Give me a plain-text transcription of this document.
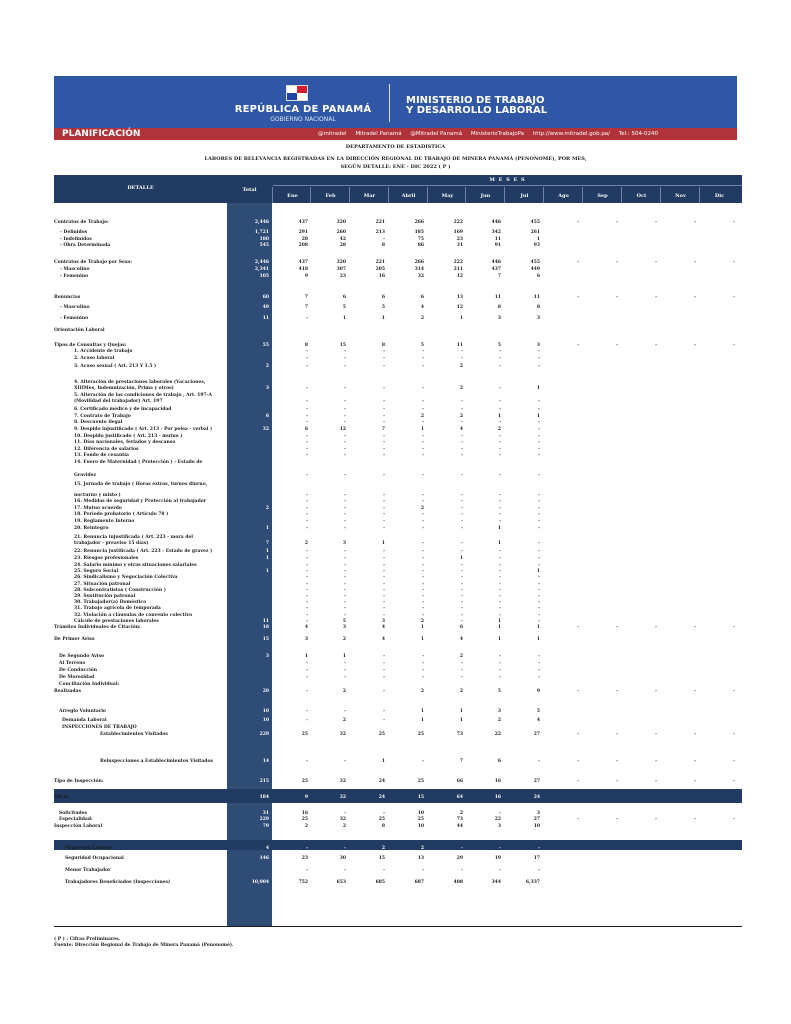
REPÚBLICA DE PANAMÁ
GOBIERNO NACIONAL
MINISTERIO DE TRABAJO
Y DESARROLLO LABORAL
PLANIFICACIÓN	@mitradel Mitradel Panamá @Mitradel Panamá MinisterioTrabajoPa http://www.mitradel.gob.pa/ Tel.: 504-0240
DEPARTAMENTO DE ESTADÍSTICA
LABORES DE RELEVANCIA REGISTRADAS EN LA DIRECCIÓN REGIONAL DE TRABAJO DE MINERA PANAMÁ (PENONOMÉ), POR MES,
SEGÚN DETALLE: ENE - DIC 2022 ( P )
DETALLE	Total
M E S E S
Ene	Feb	Mar	Abril	May	Jun	Jul	Ago	Sep	Oct	Nov	Dic
Contratos de Trabajo:	2,446	437	320	221	266	222	446	455	-	-	-	-	-
- Definidos	1,721	291	260	213	185	169	342	261
- Indefinidos	180	28	42	-	75	23	11	1
- Obra Determinada	545	208	28	8	86	31	91	93
Contratos de Trabajo por Sexo:	2,446	437	320	221	266	222	446	455	-	-	-	-	-
- Masculino	2,341	418	307	205	314	211	437	449
- Femenino	105	9	23	16	32	12	7	6
Renuncias	60	7	6	6	6	13	11	11	-	-	-	-	-
- Masculino	49	7	5	5	4	12	8	8
- Femenino	11	-	1	1	2	1	3	3
Orientación Laboral
Tipos de Consultas y Quejas:	55	8	15	8	5	11	5	3	-	-	-	-	-
1. Accidente de trabajo	-	-	-	-	-	-	-
2. Acoso laboral	-	-	-	-	-	-	-
3. Acoso sexual ( Art. 213 Y 1.5 )	2	-	-	-	-	2	-	-
4. Alteración de prestaciones laborales (Vacaciones,
XIIIMes, Indemnización, Prima y otros)	3	-	-	-	-	2	-	1
5. Alteración de las condiciones de trabajo , Art. 197-A
(Movilidad del trabajador) Art. 197	-	-	-	-	-	-	-
6. Certificado médico y de incapacidad	-	-	-	-	-	-	-
7. Contrato de Trabajo	6	-	-	-	2	2	1	1
8. Descuento ilegal	-	-	-	-	-	-	-
9. Despido injustificado ( Art. 213 - Por pelea - verbal )	32	6	12	7	1	4	2	-
10. Despido justificado ( Art. 213 - mutuo )	-	-	-	-	-	-	-
11. Días nacionales, feriados y descanso	-	-	-	-	-	-	-
12. Diferencia de salarios	-	-	-	-	-	-	-
13. Fondo de cesantía	-	-	-	-	-	-	-
14. Fuero de Maternidad ( Protección ) - Estado de
Gravidez	-	-	-	-	-	-	-
15. Jornada de trabajo ( Horas extras, turnos diurno,
nocturno y mixto )	-	-	-	-	-	-	-
16. Medidas de seguridad y Protección al trabajador	-	-	-	-	-	-	-
17. Mutuo acuerdo	2	-	-	-	2	-	-	-
18. Período probatorio ( Artículo 78 )	-	-	-	-	-	-	-
19. Reglamento Interno	-	-	-	-	-	-	-
20. Reintegro	1	-	-	-	-	-	1	-
21. Renuncia injustificada ( Art. 223 - mora del
trabajador - preaviso 15 días)	7	2	3	1	-	-	1	-
22. Renuncia justificada ( Art. 223 - Estado de gravez )	1	-	-	-	-	-	-	-
23. Riesgos profesionales	1	-	-	-	-	1	-	-
24. Salario mínimo y otras situaciones salariales	-	-	-	-	-	-	-
25. Seguro Social	1	-	-	-	-	-	-	1
26. Sindicalismo y Negociación Colectiva	-	-	-	-	-	-	-
27. Situación patronal	-	-	-	-	-	-	-
28. Subcontratistas ( Construcción )	-	-	-	-	-	-	-
29. Sustitución patronal	-	-	-	-	-	-	-
30. Trabajador(a) Doméstico	-	-	-	-	-	-	-
31. Trabajo agrícola de temporada	-	-	-	-	-	-	-
32. Violación a cláusulas de convenio colectivo	-	-	-	-	-	-	-
Cálculo de prestaciones laborales	11	-	5	3	2	-	1	-
Trámites Individuales de Citación:	18	4	3	4	1	6	1	1	-	-	-	-	-
De Primer Aviso	15	3	2	4	1	4	1	1
De Segundo Aviso	3	1	1	-	-	2	-	-
Al Terreno	-	-	-	-	-	-	-
De Conducción	-	-	-	-	-	-	-
De Morosidad	-	-	-	-	-	-	-
Conciliación Individual:
Realizadas	20	-	2	-	2	2	5	9	-	-	-	-	-
Arreglo Voluntario	10	-	-	-	1	1	3	5
Demanda Laboral	10	-	2	-	1	1	2	4
INSPECCIONES DE TRABAJO
Establecimientos Visitados	229	25	32	25	25	73	22	27	-	-	-	-	-
Reinspecciones a Establecimientos Visitados	14	-	-	1	-	7	6	-	-	-	-	-	-
Tipo de Inspección:	215	25	32	24	25	66	16	27	-	-	-	-	-
Oficio	184	9	32	24	15	64	16	24
Solicitudes	31	16	-	-	10	2	-	3
Especialidad:	229	25	32	25	25	73	22	27	-	-	-	-	-
Inspección Laboral	79	2	2	8	10	44	3	10
Migración Laboral	4	-	-	2	2	-	-	-
Seguridad Ocupacional	146	23	30	15	13	29	19	17
Menor Trabajador	-	-	-	-	-	-	-
Trabajadores Beneficiados (Inspecciones)	10,004	752	653	685	687	408	344	6,337
( P ) : Cifras Preliminares.
Fuente: Dirección Regional de Trabajo de Minera Panamá (Penonomé).
